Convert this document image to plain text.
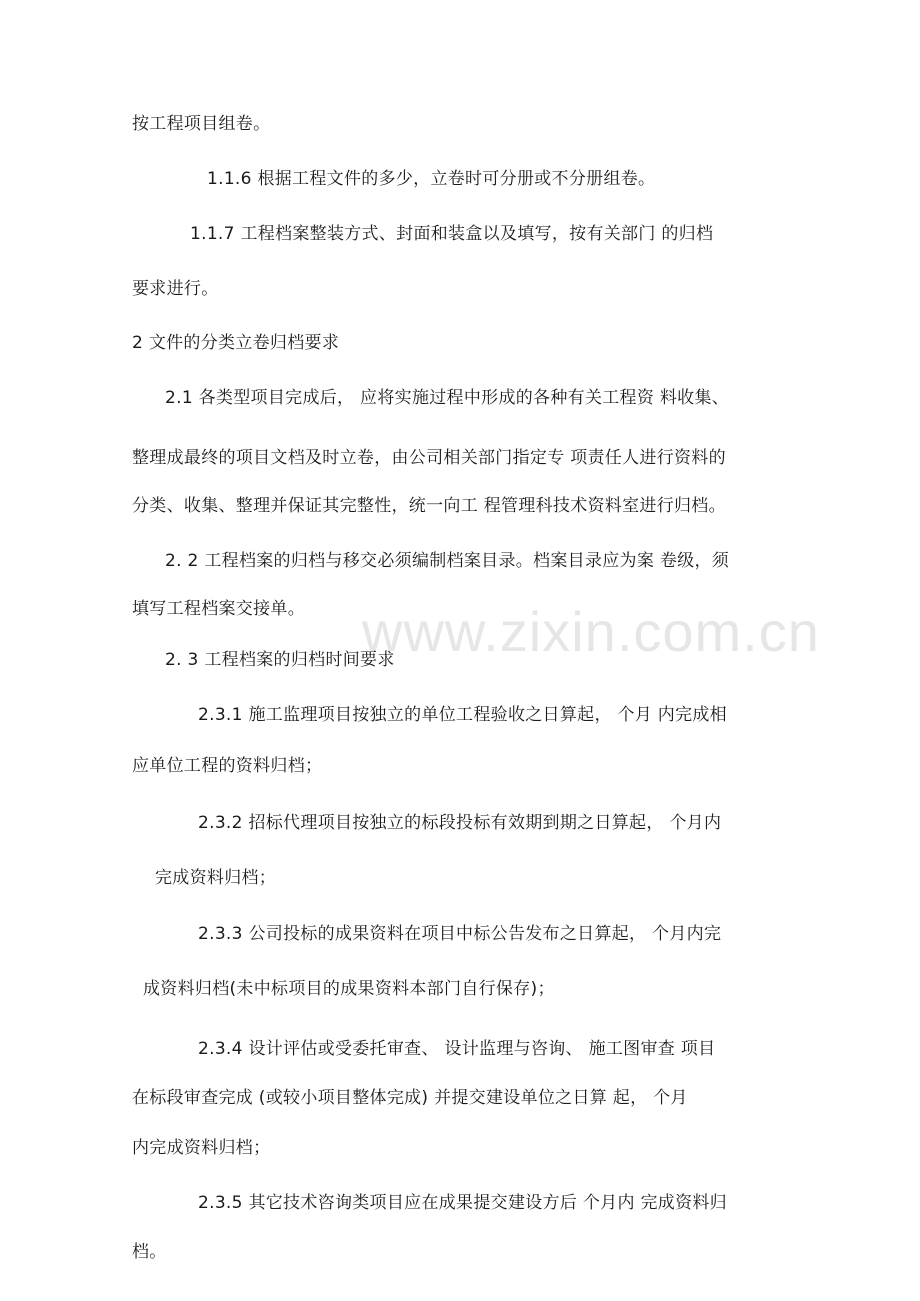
www.zixin.com.cn
按工程项目组卷。
1.1.6 根据工程文件的多少，立卷时可分册或不分册组卷。
1.1.7 工程档案整装方式、封面和装盒以及填写，按有关部门 的归档
要求进行。
2 文件的分类立卷归档要求
2.1 各类型项目完成后， 应将实施过程中形成的各种有关工程资 料收集、
整理成最终的项目文档及时立卷，由公司相关部门指定专 项责任人进行资料的
分类、收集、整理并保证其完整性，统一向工 程管理科技术资料室进行归档。
2. 2 工程档案的归档与移交必须编制档案目录。档案目录应为案 卷级，须
填写工程档案交接单。
2. 3 工程档案的归档时间要求
2.3.1 施工监理项目按独立的单位工程验收之日算起， 个月 内完成相
应单位工程的资料归档；
2.3.2 招标代理项目按独立的标段投标有效期到期之日算起， 个月内
完成资料归档；
2.3.3 公司投标的成果资料在项目中标公告发布之日算起， 个月内完
成资料归档(未中标项目的成果资料本部门自行保存)；
2.3.4 设计评估或受委托审查、 设计监理与咨询、 施工图审查 项目
在标段审查完成 (或较小项目整体完成) 并提交建设单位之日算 起， 个月
内完成资料归档；
2.3.5 其它技术咨询类项目应在成果提交建设方后 个月内 完成资料归
档。
